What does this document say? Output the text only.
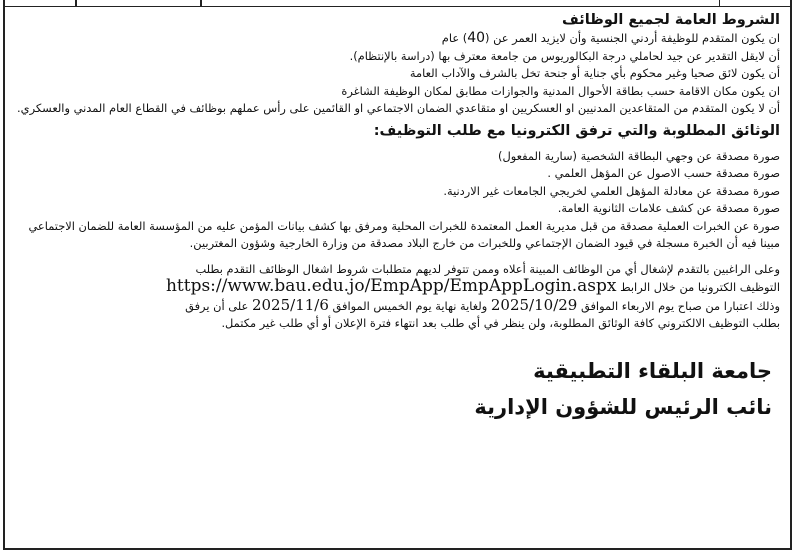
الشروط العامة لجميع الوظائف

ان يكون المتقدم للوظيفة أردني الجنسية وأن لايزيد العمر عن (40) عام

أن لايقل التقدير عن جيد لحاملي درجة البكالوريوس من جامعة معترف بها (دراسة بالإنتظام).

أن يكون لائق صحيا وغير محكوم بأي جناية أو جنحة تخل بالشرف والآداب العامة

ان يكون مكان الاقامة حسب بطاقة الأحوال المدنية والجوازات مطابق لمكان الوظيفة الشاغرة

أن لا يكون المتقدم من المتقاعدين المدنيين او العسكريين او متقاعدي الضمان الاجتماعي او القائمين على رأس عملهم بوظائف في القطاع العام المدني والعسكري.

الوثائق المطلوبة والتي ترفق الكترونيا مع طلب التوظيف:

صورة مصدقة عن وجهي البطاقة الشخصية (سارية المفعول)

صورة مصدقة حسب الاصول عن المؤهل العلمي .

صورة مصدقة عن معادلة المؤهل العلمي لخريجي الجامعات غير الاردنية.

صورة مصدقة عن كشف علامات الثانوية العامة.

صورة عن الخبرات العملية مصدقة من قبل مديرية العمل المعتمدة للخبرات المحلية ومرفق بها كشف بيانات المؤمن عليه من المؤسسة العامة للضمان الاجتماعي مبينا فيه أن الخبرة مسجلة في قيود الضمان الإجتماعي وللخبرات من خارج البلاد مصدقة من وزارة الخارجية وشؤون المغتربين.

وعلى الراغبين بالتقدم لإشغال أي من الوظائف المبينة أعلاه وممن تتوفر لديهم متطلبات شروط اشغال الوظائف التقدم بطلب

التوظيف الكترونيا من خلال الرابط https://www.bau.edu.jo/EmpApp/EmpAppLogin.aspx

وذلك اعتبارا من صباح يوم الاربعاء الموافق 2025/10/29 ولغاية نهاية يوم الخميس الموافق 2025/11/6 على أن يرفق

بطلب التوظيف الالكتروني كافة الوثائق المطلوبة، ولن ينظر في أي طلب بعد انتهاء فترة الإعلان أو أي طلب غير مكتمل.

جامعة البلقاء التطبيقية
نائب الرئيس للشؤون الإدارية
